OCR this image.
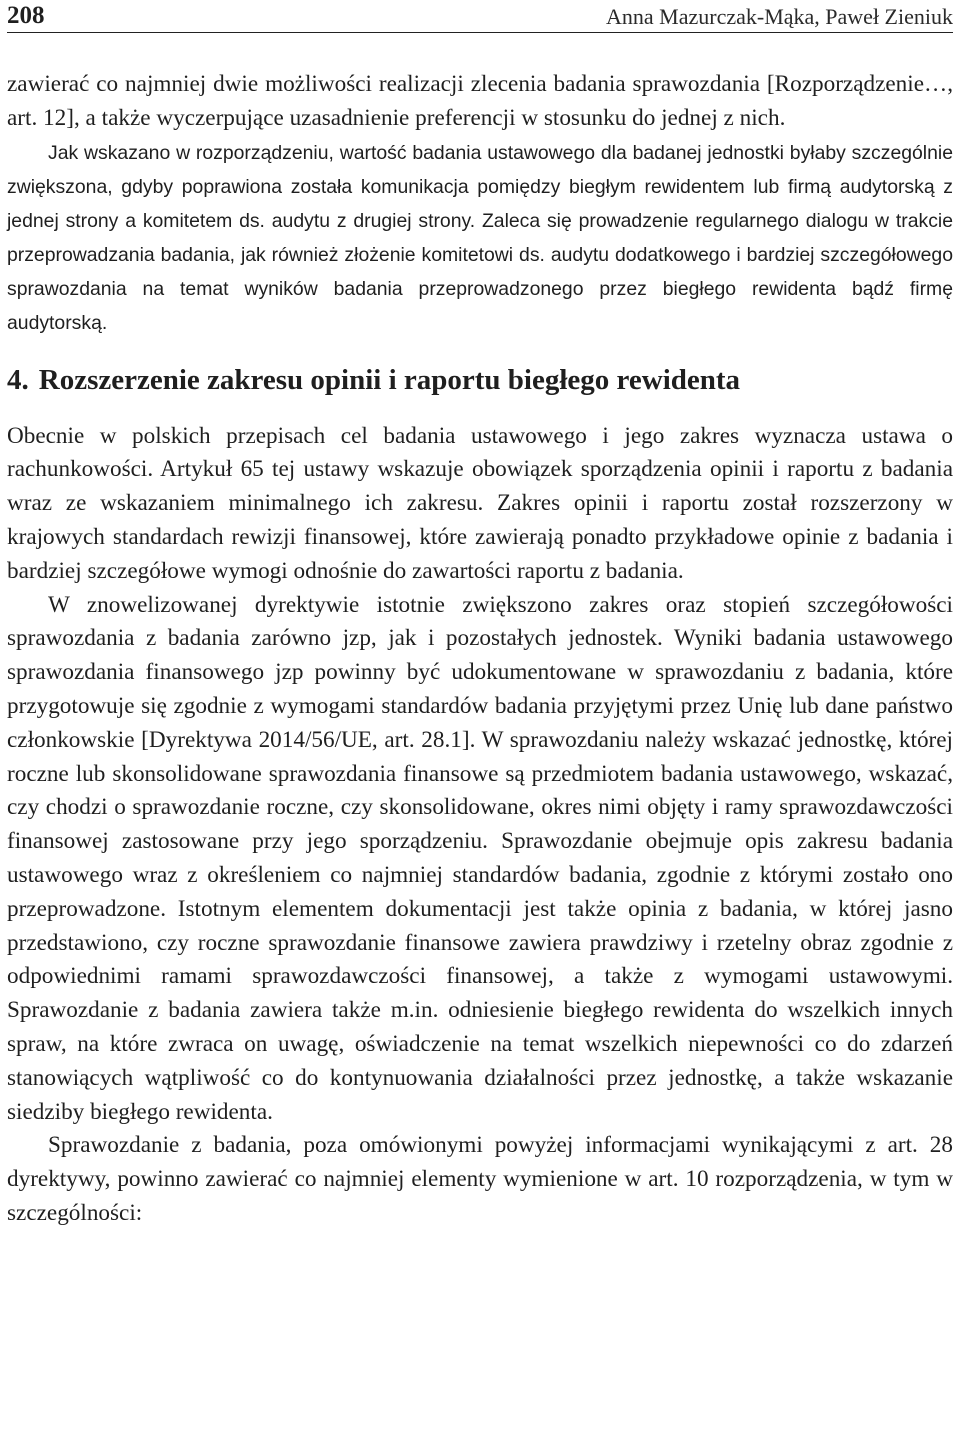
208	Anna Mazurczak-Mąka, Paweł Zieniuk

zawierać co najmniej dwie możliwości realizacji zlecenia badania sprawozdania [Rozporządzenie…, art. 12], a także wyczerpujące uzasadnienie preferencji w stosunku do jednej z nich.

Jak wskazano w rozporządzeniu, wartość badania ustawowego dla badanej jednostki byłaby szczególnie zwiększona, gdyby poprawiona została komunikacja pomiędzy biegłym rewidentem lub firmą audytorską z jednej strony a komitetem ds. audytu z drugiej strony. Zaleca się prowadzenie regularnego dialogu w trakcie przeprowadzania badania, jak również złożenie komitetowi ds. audytu dodatkowego i bardziej szczegółowego sprawozdania na temat wyników badania przeprowadzonego przez biegłego rewidenta bądź firmę audytorską.

4. Rozszerzenie zakresu opinii i raportu biegłego rewidenta

Obecnie w polskich przepisach cel badania ustawowego i jego zakres wyznacza ustawa o rachunkowości. Artykuł 65 tej ustawy wskazuje obowiązek sporządzenia opinii i raportu z badania wraz ze wskazaniem minimalnego ich zakresu. Zakres opinii i raportu został rozszerzony w krajowych standardach rewizji finansowej, które zawierają ponadto przykładowe opinie z badania i bardziej szczegółowe wymogi odnośnie do zawartości raportu z badania.

W znowelizowanej dyrektywie istotnie zwiększono zakres oraz stopień szczegółowości sprawozdania z badania zarówno jzp, jak i pozostałych jednostek. Wyniki badania ustawowego sprawozdania finansowego jzp powinny być udokumentowane w sprawozdaniu z badania, które przygotowuje się zgodnie z wymogami standardów badania przyjętymi przez Unię lub dane państwo członkowskie [Dyrektywa 2014/56/UE, art. 28.1]. W sprawozdaniu należy wskazać jednostkę, której roczne lub skonsolidowane sprawozdania finansowe są przedmiotem badania ustawowego, wskazać, czy chodzi o sprawozdanie roczne, czy skonsolidowane, okres nimi objęty i ramy sprawozdawczości finansowej zastosowane przy jego sporządzeniu. Sprawozdanie obejmuje opis zakresu badania ustawowego wraz z określeniem co najmniej standardów badania, zgodnie z którymi zostało ono przeprowadzone. Istotnym elementem dokumentacji jest także opinia z badania, w której jasno przedstawiono, czy roczne sprawozdanie finansowe zawiera prawdziwy i rzetelny obraz zgodnie z odpowiednimi ramami sprawozdawczości finansowej, a także z wymogami ustawowymi. Sprawozdanie z badania zawiera także m.in. odniesienie biegłego rewidenta do wszelkich innych spraw, na które zwraca on uwagę, oświadczenie na temat wszelkich niepewności co do zdarzeń stanowiących wątpliwość co do kontynuowania działalności przez jednostkę, a także wskazanie siedziby biegłego rewidenta.

Sprawozdanie z badania, poza omówionymi powyżej informacjami wynikającymi z art. 28 dyrektywy, powinno zawierać co najmniej elementy wymienione w art. 10 rozporządzenia, w tym w szczególności:
